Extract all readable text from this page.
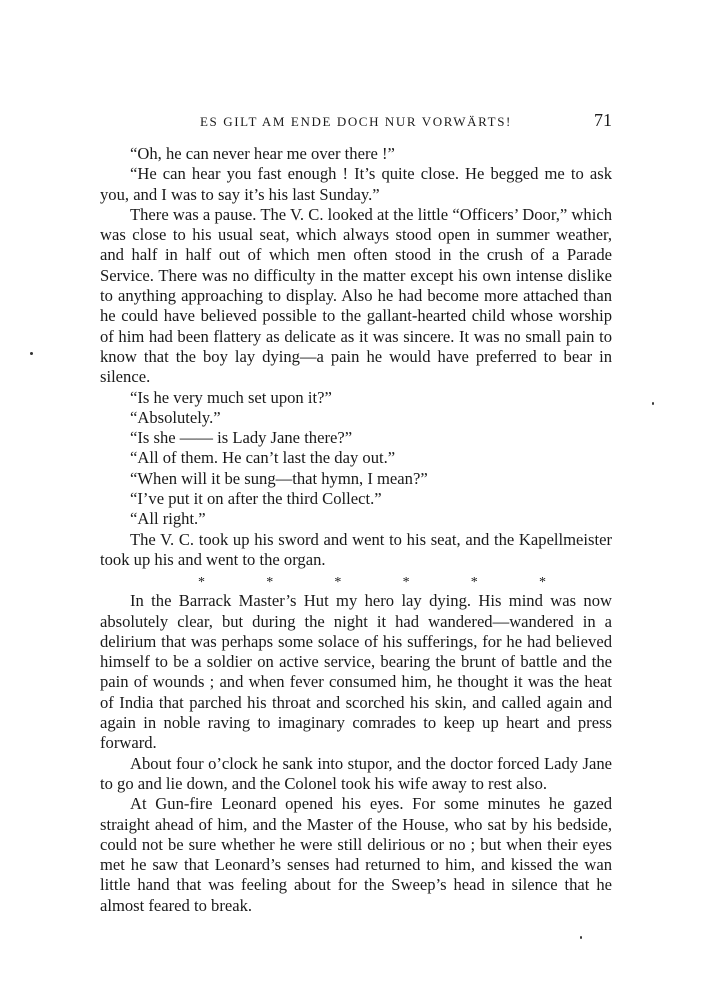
ES GILT AM ENDE DOCH NUR VORWÄRTS!	71

“Oh, he can never hear me over there !”

“He can hear you fast enough ! It’s quite close. He begged me to ask you, and I was to say it’s his last Sunday.”

There was a pause. The V. C. looked at the little “Officers’ Door,” which was close to his usual seat, which always stood open in summer weather, and half in half out of which men often stood in the crush of a Parade Service. There was no difficulty in the matter except his own intense dislike to anything approaching to display. Also he had become more attached than he could have believed possible to the gallant-hearted child whose worship of him had been flattery as delicate as it was sincere. It was no small pain to know that the boy lay dying—a pain he would have preferred to bear in silence.

“Is he very much set upon it?”

“Absolutely.”

“Is she —— is Lady Jane there?”

“All of them. He can’t last the day out.”

“When will it be sung—that hymn, I mean?”

“I’ve put it on after the third Collect.”

“All right.”

The V. C. took up his sword and went to his seat, and the Kapellmeister took up his and went to the organ.

*	*	*	*	*	*

In the Barrack Master’s Hut my hero lay dying. His mind was now absolutely clear, but during the night it had wandered—wandered in a delirium that was perhaps some solace of his sufferings, for he had believed himself to be a soldier on active service, bearing the brunt of battle and the pain of wounds ; and when fever consumed him, he thought it was the heat of India that parched his throat and scorched his skin, and called again and again in noble raving to imaginary comrades to keep up heart and press forward.

About four o’clock he sank into stupor, and the doctor forced Lady Jane to go and lie down, and the Colonel took his wife away to rest also.

At Gun-fire Leonard opened his eyes. For some minutes he gazed straight ahead of him, and the Master of the House, who sat by his bedside, could not be sure whether he were still delirious or no ; but when their eyes met he saw that Leonard’s senses had returned to him, and kissed the wan little hand that was feeling about for the Sweep’s head in silence that he almost feared to break.
